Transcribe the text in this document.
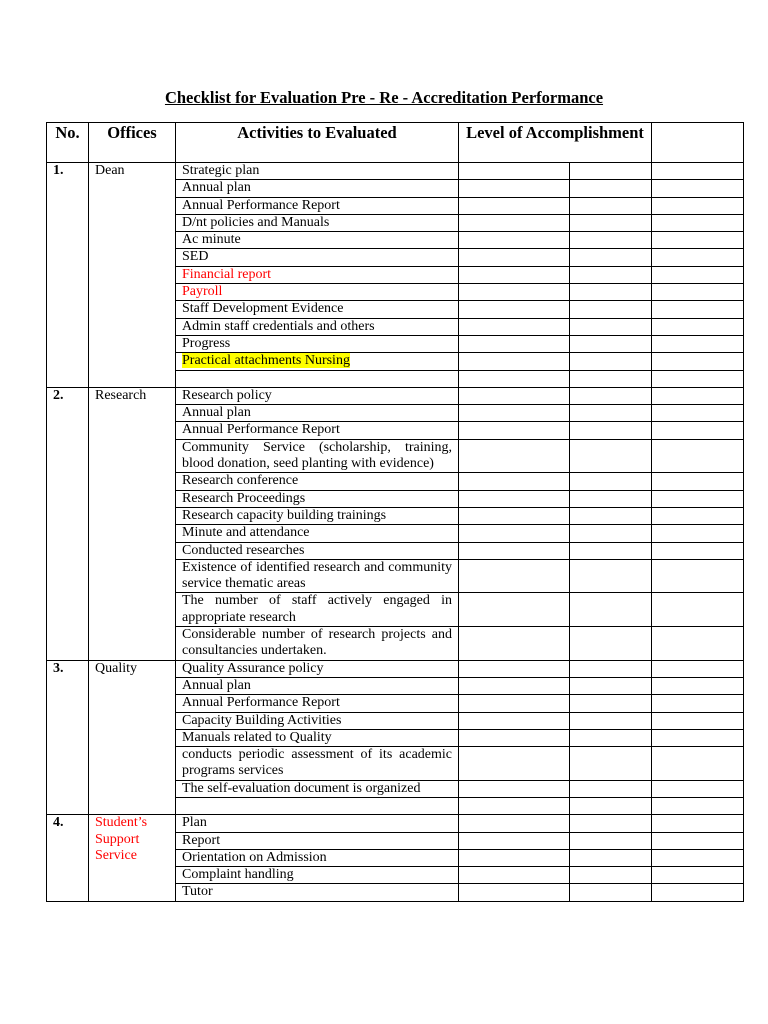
Checklist for Evaluation Pre - Re - Accreditation Performance
No.	Offices	Activities to Evaluated	Level of Accomplishment		
1.	Dean	Strategic plan			
		Annual plan			
		Annual Performance Report			
		D/nt policies and Manuals			
		Ac minute			
		SED			
		Financial report			
		Payroll			
		Staff Development Evidence			
		Admin staff credentials and others			
		Progress			
		Practical attachments Nursing			

2.	Research	Research policy			
		Annual plan			
		Annual Performance Report			
		Community Service (scholarship, training, blood donation, seed planting with evidence)			
		Research conference			
		Research Proceedings			
		Research capacity building trainings			
		Minute and attendance			
		Conducted researches			
		Existence of identified research and community service thematic areas			
		The number of staff actively engaged in appropriate research			
		Considerable number of research projects and consultancies undertaken.			
3.	Quality	Quality Assurance policy			
		Annual plan			
		Annual Performance Report			
		Capacity Building Activities			
		Manuals related to Quality			
		conducts periodic assessment of its academic programs services			
		The self-evaluation document is organized			

4.	Student’s Support Service	Plan			
		Report			
		Orientation on Admission			
		Complaint handling			
		Tutor			
